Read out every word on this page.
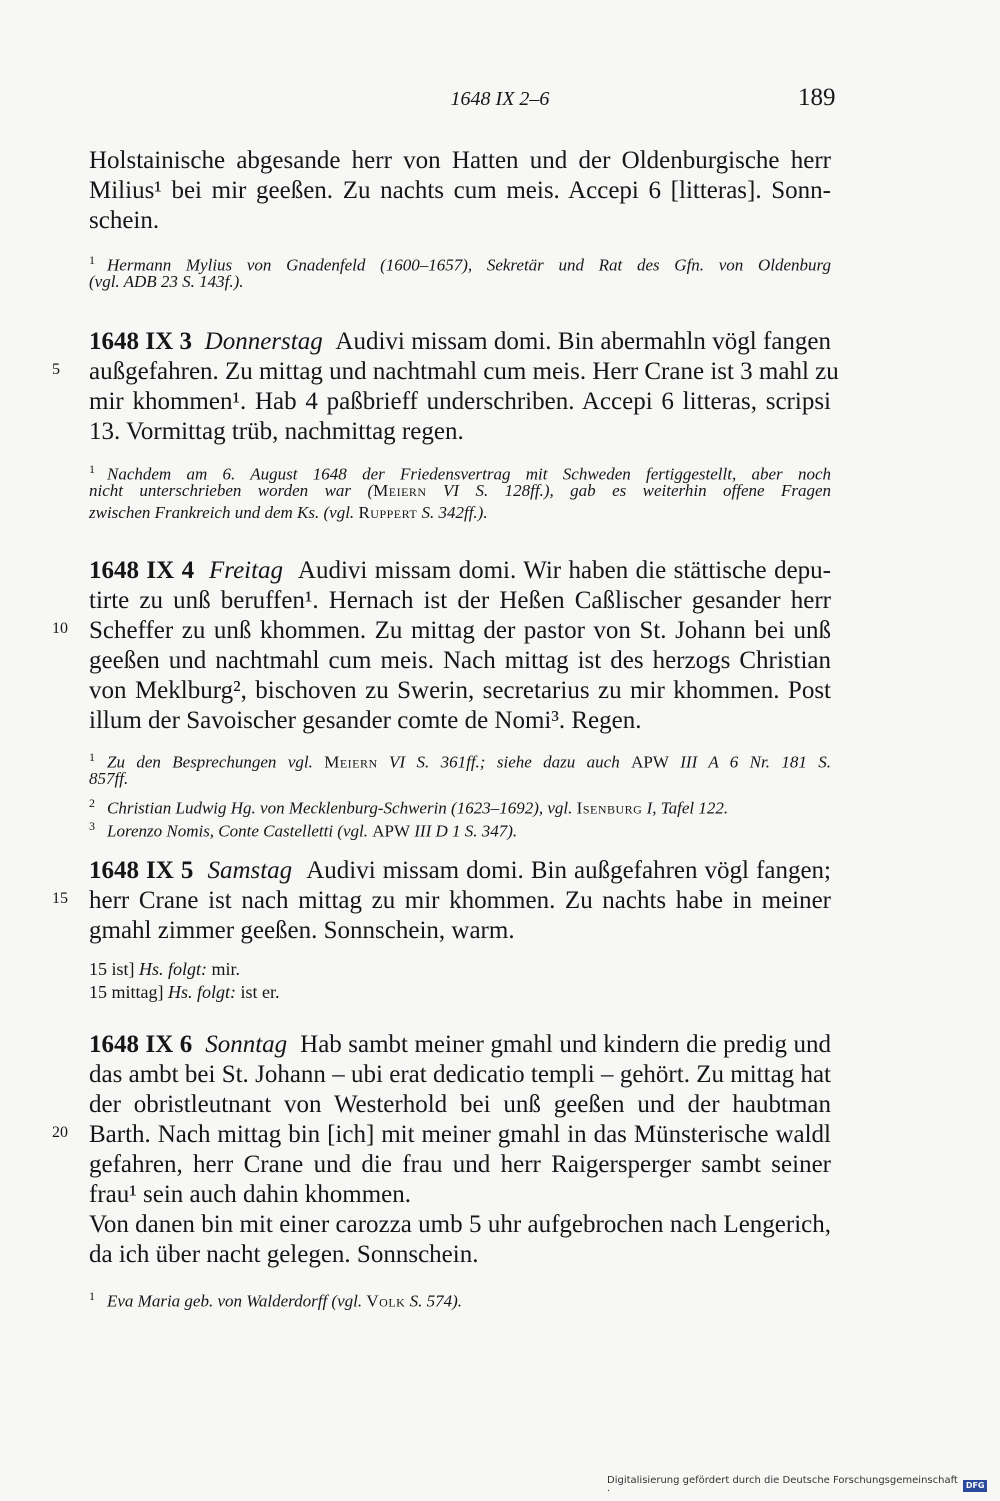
1648 IX 2–6	189

Holstainische abgesande herr von Hatten und der Oldenburgische herr

Milius¹ bei mir geeßen. Zu nachts cum meis. Accepi 6 [litteras]. Sonn-

schein.

$^1$ Hermann Mylius von Gnadenfeld (1600–1657), Sekretär und Rat des Gfn. von Oldenburg

(vgl. ADB 23 S. 143f.).

1648 IX 3 Donnerstag Audivi missam domi. Bin abermahln vögl fangen

5 außgefahren. Zu mittag und nachtmahl cum meis. Herr Crane ist 3 mahl zu

mir khommen¹. Hab 4 paßbrieff underschriben. Accepi 6 litteras, scripsi

13. Vormittag trüb, nachmittag regen.

$^1$ Nachdem am 6. August 1648 der Friedensvertrag mit Schweden fertiggestellt, aber noch

nicht unterschrieben worden war (Meiern VI S. 128ff.), gab es weiterhin offene Fragen

zwischen Frankreich und dem Ks. (vgl. Ruppert S. 342ff.).

1648 IX 4 Freitag Audivi missam domi. Wir haben die stättische depu-

tirte zu unß beruffen¹. Hernach ist der Heßen Caßlischer gesander herr

10 Scheffer zu unß khommen. Zu mittag der pastor von St. Johann bei unß

geeßen und nachtmahl cum meis. Nach mittag ist des herzogs Christian

von Meklburg², bischoven zu Swerin, secretarius zu mir khommen. Post

illum der Savoischer gesander comte de Nomi³. Regen.

$^1$ Zu den Besprechungen vgl. Meiern VI S. 361ff.; siehe dazu auch APW III A 6 Nr. 181 S.

857ff.

$^2$ Christian Ludwig Hg. von Mecklenburg-Schwerin (1623–1692), vgl. Isenburg I, Tafel 122.

$^3$ Lorenzo Nomis, Conte Castelletti (vgl. APW III D 1 S. 347).

1648 IX 5 Samstag Audivi missam domi. Bin außgefahren vögl fangen;

15 herr Crane ist nach mittag zu mir khommen. Zu nachts habe in meiner

gmahl zimmer geeßen. Sonnschein, warm.

15 ist] Hs. folgt: mir.

15 mittag] Hs. folgt: ist er.

1648 IX 6 Sonntag Hab sambt meiner gmahl und kindern die predig und

das ambt bei St. Johann – ubi erat dedicatio templi – gehört. Zu mittag hat

der obristleutnant von Westerhold bei unß geeßen und der haubtman

20 Barth. Nach mittag bin [ich] mit meiner gmahl in das Münsterische waldl

gefahren, herr Crane und die frau und herr Raigersperger sambt seiner

frau¹ sein auch dahin khommen.

Von danen bin mit einer carozza umb 5 uhr aufgebrochen nach Lengerich,

da ich über nacht gelegen. Sonnschein.

$^1$ Eva Maria geb. von Walderdorff (vgl. Volk S. 574).

Digitalisierung gefördert durch die Deutsche Forschungsgemeinschaft ·
DFG
